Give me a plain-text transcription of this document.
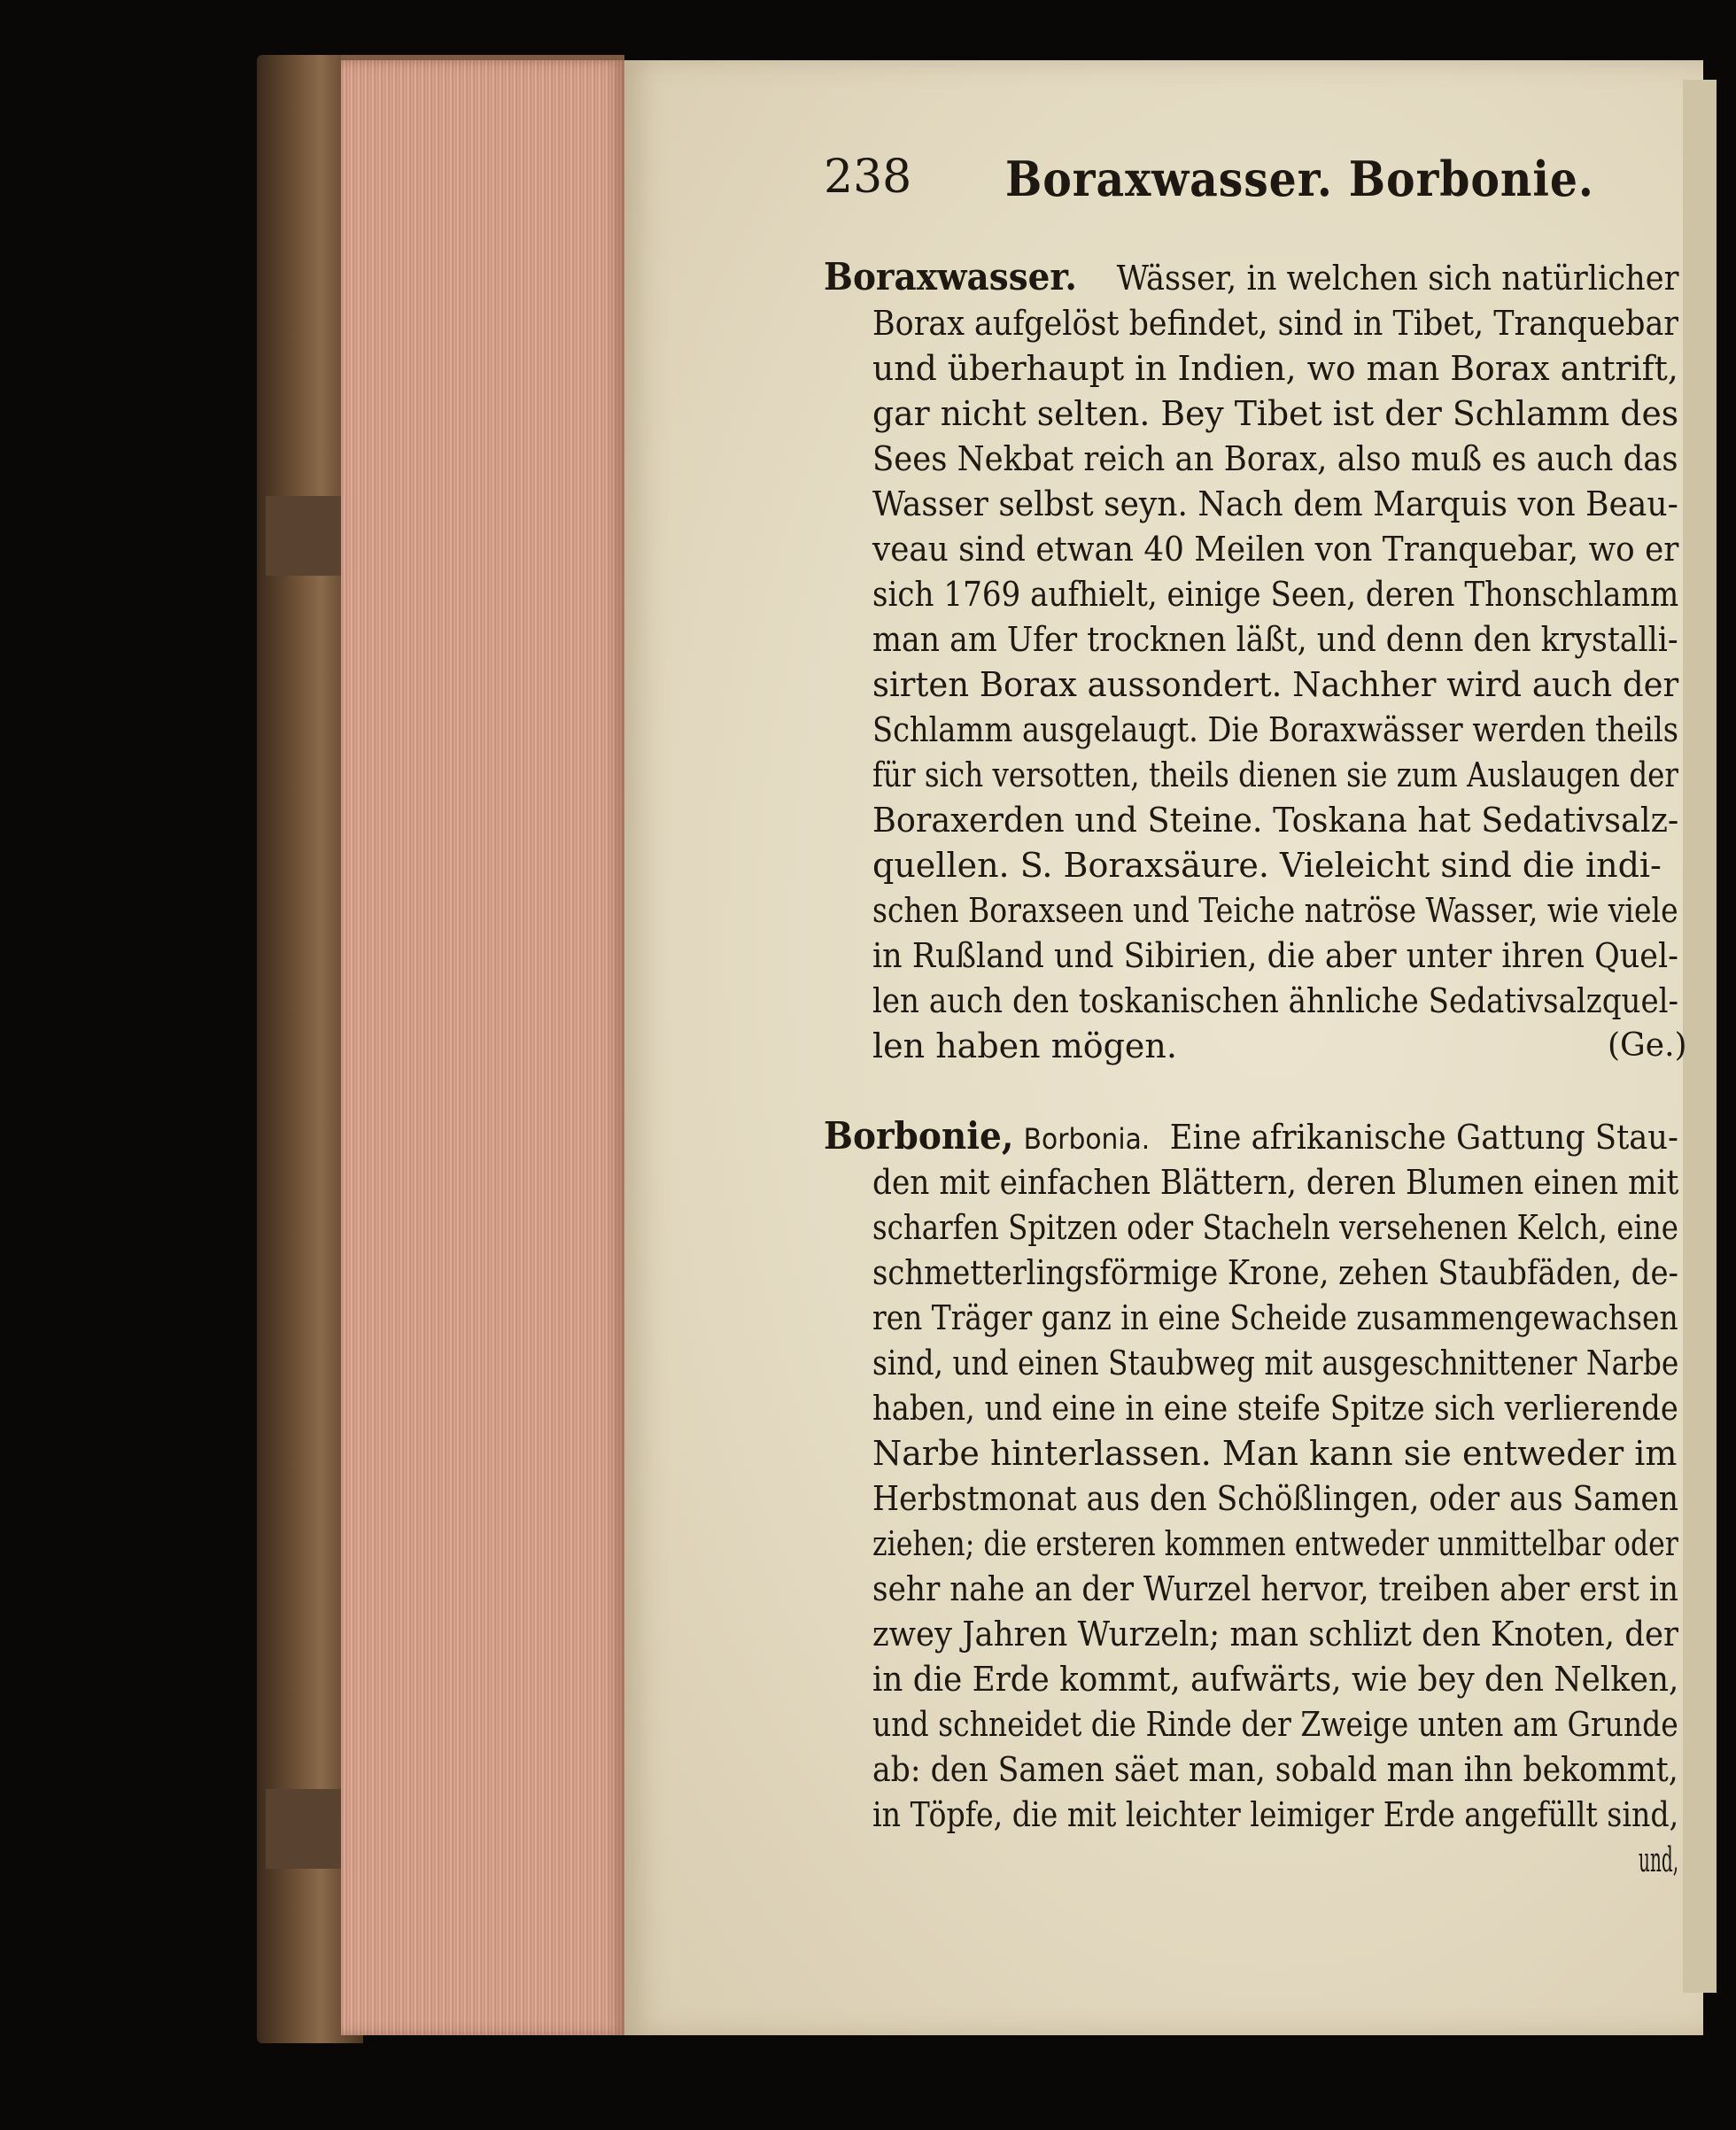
238 Boraxwasser. Borbonie.
Boraxwasser. Wässer, in welchen sich natürlicher
Borax aufgelöst befindet, sind in Tibet, Tranquebar
und überhaupt in Indien, wo man Borax antrift,
gar nicht selten. Bey Tibet ist der Schlamm des
Sees Nekbat reich an Borax, also muß es auch das
Wasser selbst seyn. Nach dem Marquis von Beau-
veau sind etwan 40 Meilen von Tranquebar, wo er
sich 1769 aufhielt, einige Seen, deren Thonschlamm
man am Ufer trocknen läßt, und denn den krystalli-
sirten Borax aussondert. Nachher wird auch der
Schlamm ausgelaugt. Die Boraxwässer werden theils
für sich versotten, theils dienen sie zum Auslaugen der
Boraxerden und Steine. Toskana hat Sedativsalz-
quellen. S. Boraxsäure. Vieleicht sind die indi-
schen Boraxseen und Teiche natröse Wasser, wie viele
in Rußland und Sibirien, die aber unter ihren Quel-
len auch den toskanischen ähnliche Sedativsalzquel-
len haben mögen.	(Ge.)
Borbonie, Borbonia. Eine afrikanische Gattung Stau-
den mit einfachen Blättern, deren Blumen einen mit
scharfen Spitzen oder Stacheln versehenen Kelch, eine
schmetterlingsförmige Krone, zehen Staubfäden, de-
ren Träger ganz in eine Scheide zusammengewachsen
sind, und einen Staubweg mit ausgeschnittener Narbe
haben, und eine in eine steife Spitze sich verlierende
Narbe hinterlassen. Man kann sie entweder im
Herbstmonat aus den Schößlingen, oder aus Samen
ziehen; die ersteren kommen entweder unmittelbar oder
sehr nahe an der Wurzel hervor, treiben aber erst in
zwey Jahren Wurzeln; man schlizt den Knoten, der
in die Erde kommt, aufwärts, wie bey den Nelken,
und schneidet die Rinde der Zweige unten am Grunde
ab: den Samen säet man, sobald man ihn bekommt,
in Töpfe, die mit leichter leimiger Erde angefüllt sind,
und,
